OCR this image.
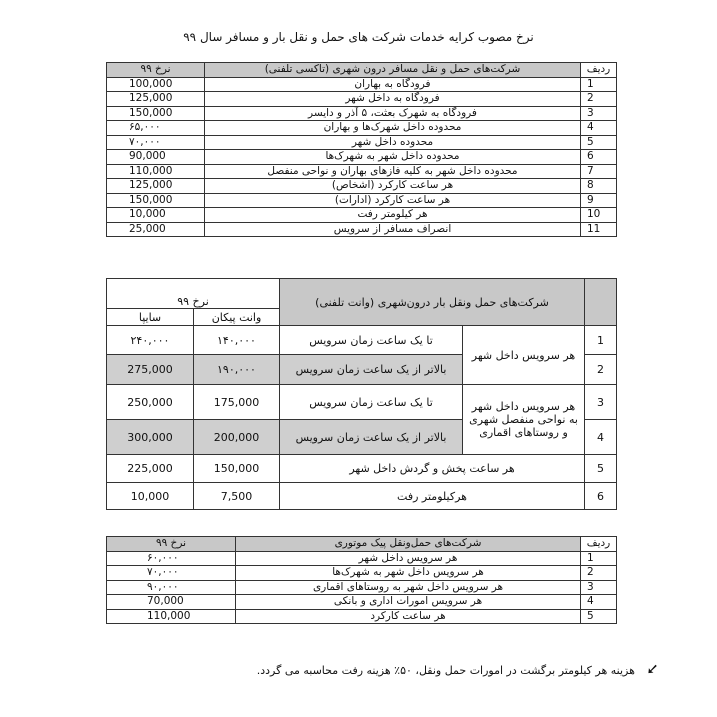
نرخ مصوب کرایه خدمات شرکت های حمل و نقل بار و مسافر سال ۹۹
نرخ ۹۹	شرکت‌های حمل و نقل مسافر درون شهری (تاکسی تلفنی)	ردیف
100,000	فرودگاه به بهاران	1
125,000	فرودگاه به داخل شهر	2
150,000	فرودگاه به شهرک بعثت، ۵ آذر و دایسر	3
۶۵,۰۰۰	محدوده داخل شهرک‌ها و بهاران	4
۷۰,۰۰۰	محدوده داخل شهر	5
90,000	محدوده داخل شهر به شهرک‌ها	6
110,000	محدوده داخل شهر به کلیه فازهای بهاران و نواحی منفصل	7
125,000	هر ساعت کارکرد (اشخاص)	8
150,000	هر ساعت کارکرد (ادارات)	9
10,000	هر کیلومتر رفت	10
25,000	انصراف مسافر از سرویس	11
نرخ ۹۹		شرکت‌های حمل ونقل بار درون‌شهری (وانت تلفنی)		
سایپا	وانت پیکان			
۲۴۰,۰۰۰	۱۴۰,۰۰۰	تا یک ساعت زمان سرویس	هر سرویس داخل شهر	1
275,000	۱۹۰,۰۰۰	بالاتر از یک ساعت زمان سرویس		2
250,000	175,000	تا یک ساعت زمان سرویس	هر سرویس داخل شهر به نواحی منفصل شهری و روستاهای اقماری	3
300,000	200,000	بالاتر از یک ساعت زمان سرویس		4
225,000	150,000	هر ساعت پخش و گردش داخل شهر		5
10,000	7,500	هرکیلومتر رفت		6
نرخ ۹۹	شرکت‌های حمل‌ونقل پیک موتوری	ردیف
۶۰,۰۰۰	هر سرویس داخل شهر	1
۷۰,۰۰۰	هر سرویس داخل شهر به شهرک‌ها	2
۹۰,۰۰۰	هر سرویس داخل شهر به روستاهای اقماری	3
70,000	هر سرویس امورات اداری و بانکی	4
110,000	هر ساعت کارکرد	5
➘ هزینه هر کیلومتر برگشت در امورات حمل ونقل، ۵۰٪ هزینه رفت محاسبه می گردد.
